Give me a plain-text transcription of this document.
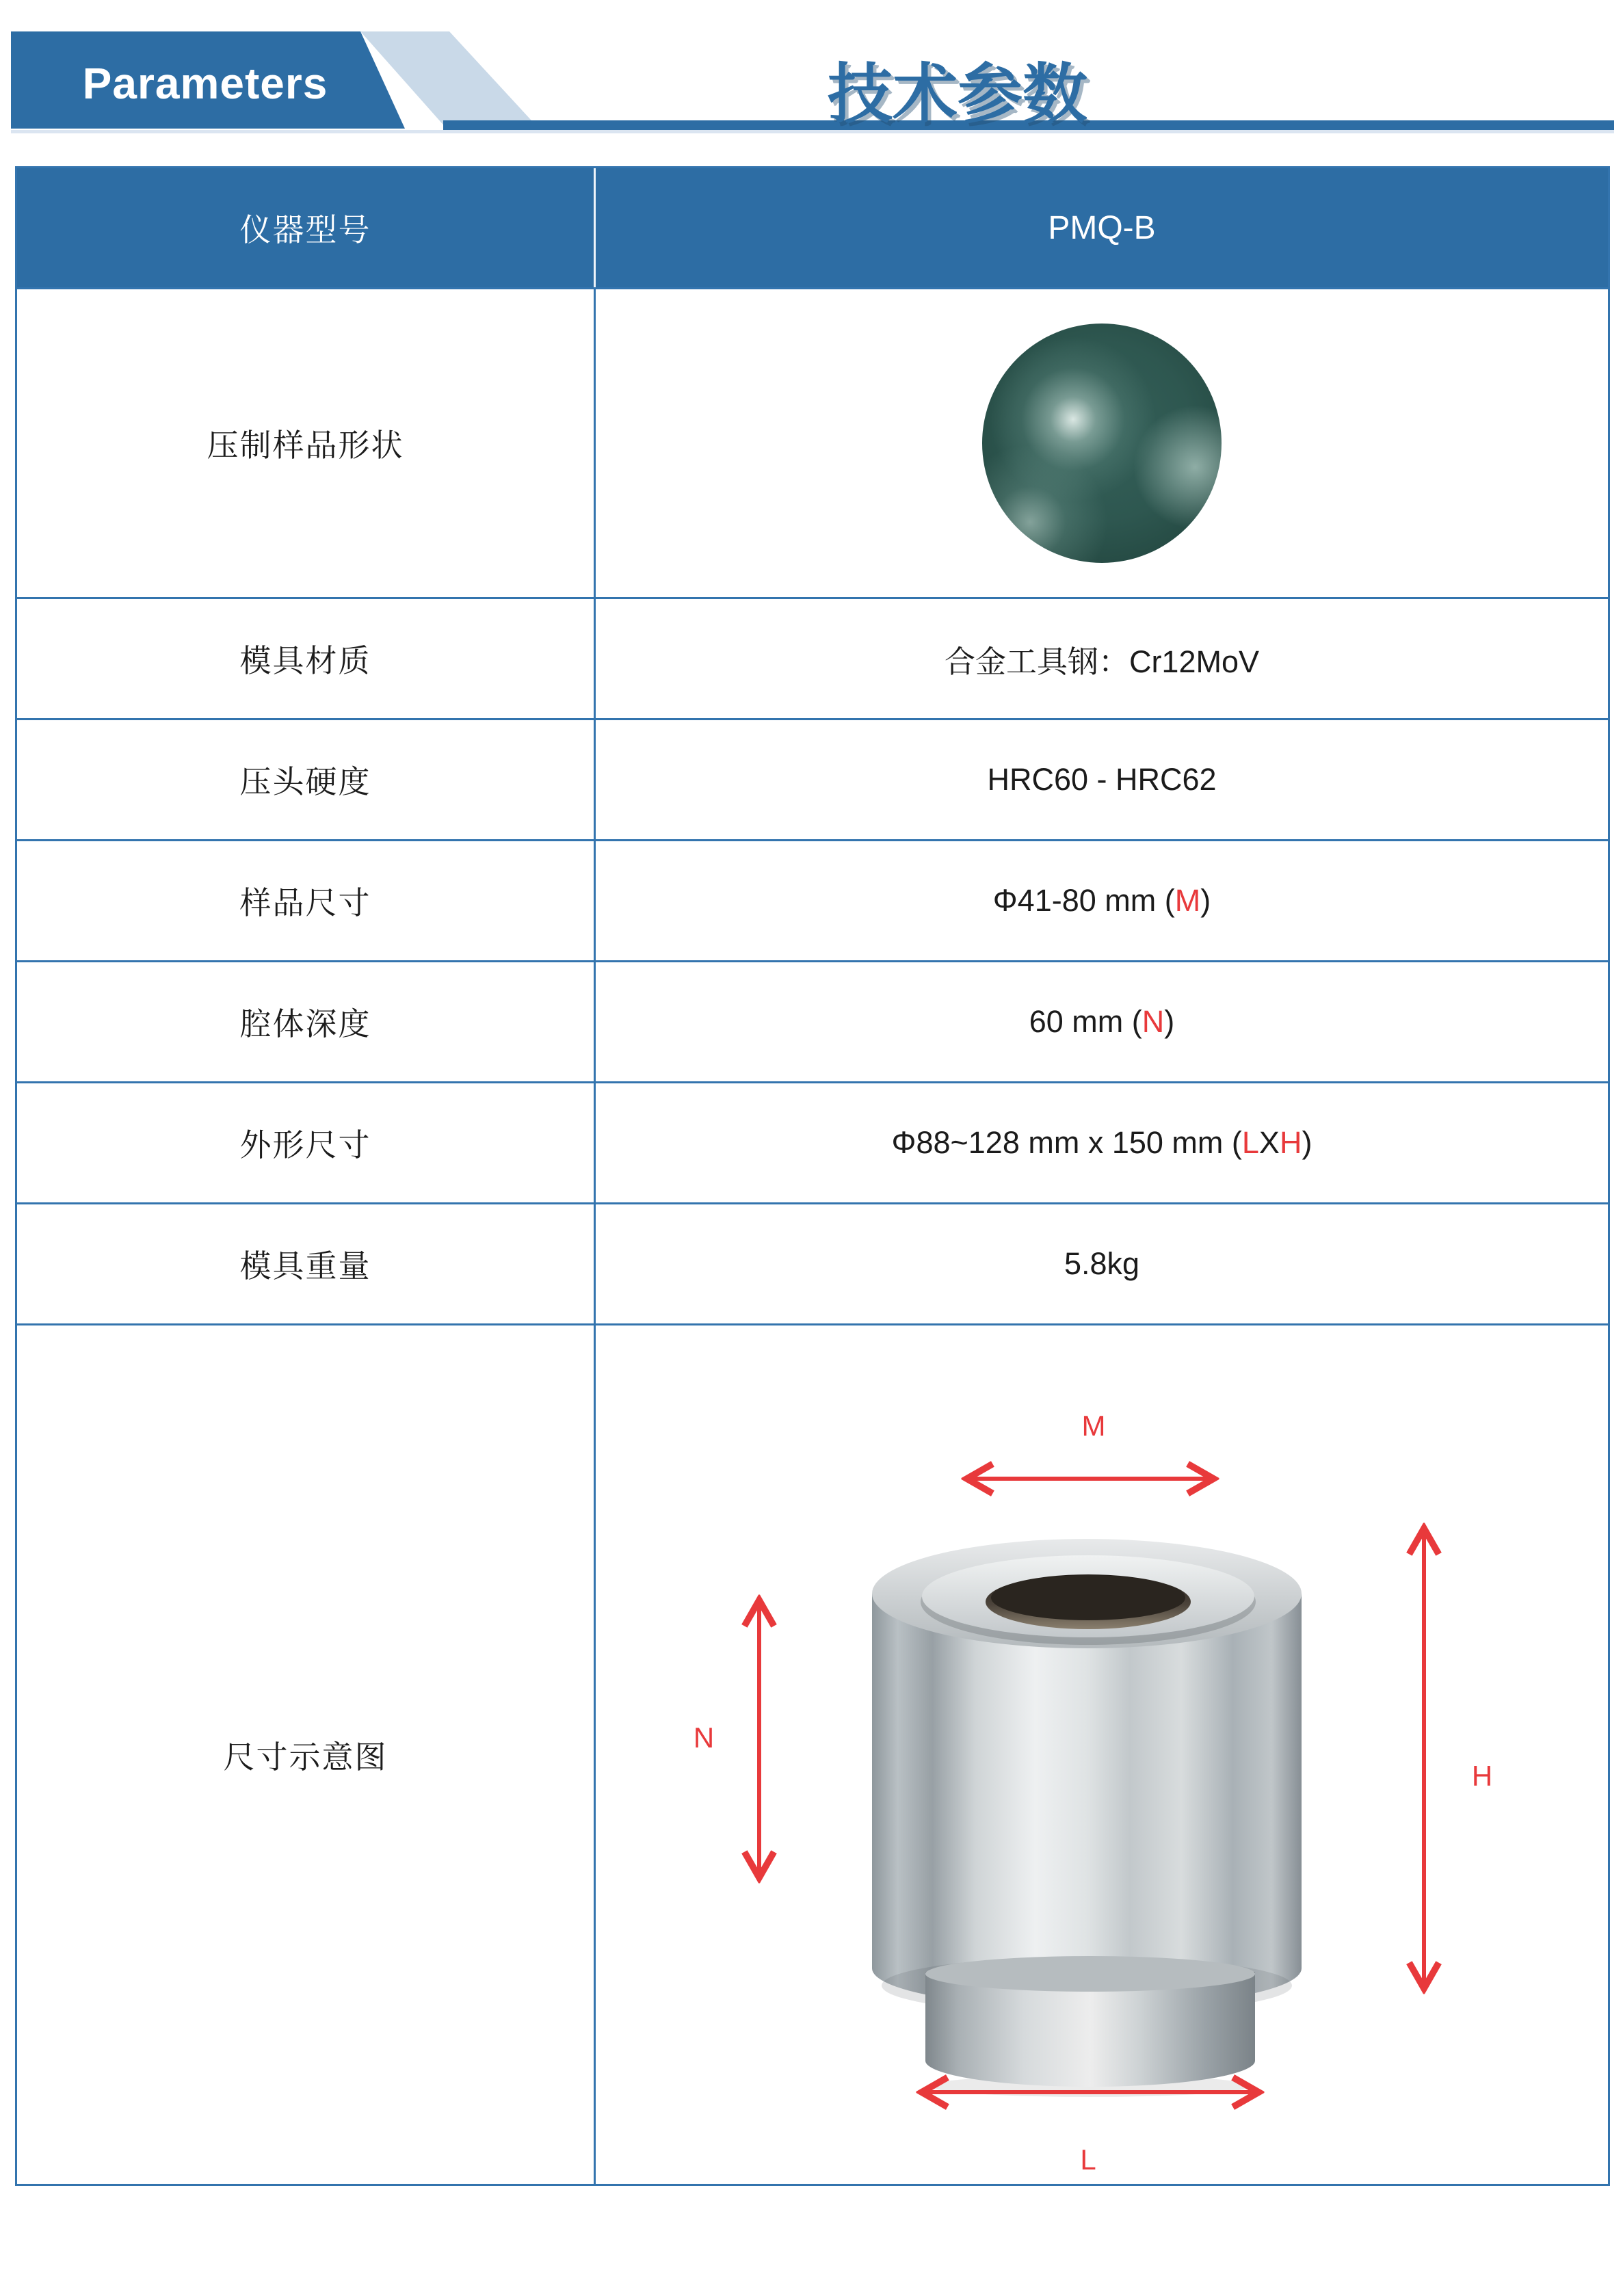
Parameters	技术参数
仪器型号	PMQ-B
压制样品形状
模具材质	合金工具钢：Cr12MoV
压头硬度	HRC60 - HRC62
样品尺寸	Φ41-80 mm ( M )
腔体深度	60 mm ( N )
外形尺寸	Φ88~128 mm x 150 mm ( L X H )
模具重量	5.8kg
尺寸示意图
M
N
H
L
